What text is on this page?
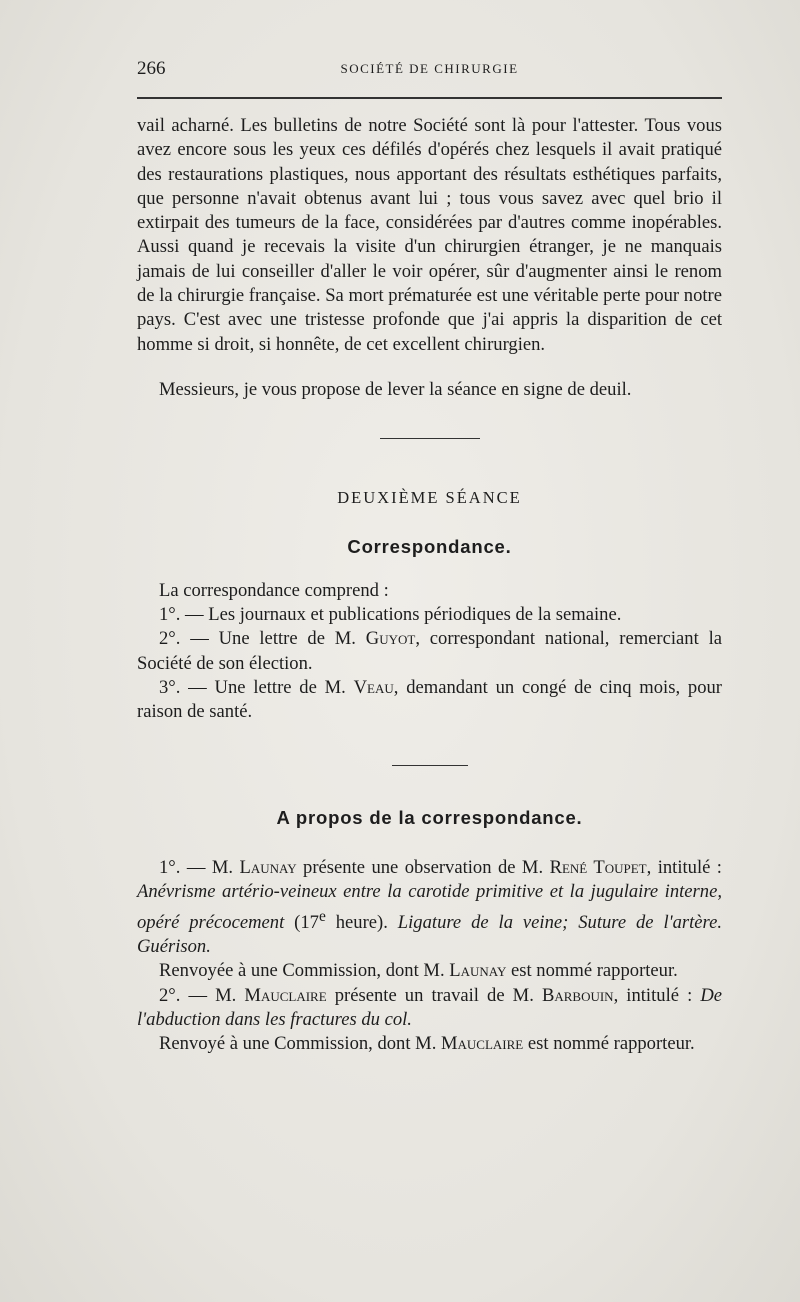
266	SOCIÉTÉ DE CHIRURGIE

vail acharné. Les bulletins de notre Société sont là pour l'attester. Tous vous avez encore sous les yeux ces défilés d'opérés chez lesquels il avait pratiqué des restaurations plastiques, nous apportant des résultats esthétiques parfaits, que personne n'avait obtenus avant lui ; tous vous savez avec quel brio il extirpait des tumeurs de la face, considérées par d'autres comme inopérables. Aussi quand je recevais la visite d'un chirurgien étranger, je ne manquais jamais de lui conseiller d'aller le voir opérer, sûr d'augmenter ainsi le renom de la chirurgie française. Sa mort prématurée est une véritable perte pour notre pays. C'est avec une tristesse profonde que j'ai appris la disparition de cet homme si droit, si honnête, de cet excellent chirurgien.

Messieurs, je vous propose de lever la séance en signe de deuil.

DEUXIÈME SÉANCE

Correspondance.

La correspondance comprend :

1°. — Les journaux et publications périodiques de la semaine.

2°. — Une lettre de M. Guyot, correspondant national, remerciant la Société de son élection.

3°. — Une lettre de M. Veau, demandant un congé de cinq mois, pour raison de santé.

A propos de la correspondance.

1°. — M. Launay présente une observation de M. René Toupet, intitulé : Anévrisme artério-veineux entre la carotide primitive et la jugulaire interne, opéré précocement (17e heure). Ligature de la veine; Suture de l'artère. Guérison.

Renvoyée à une Commission, dont M. Launay est nommé rapporteur.

2°. — M. Mauclaire présente un travail de M. Barbouin, intitulé : De l'abduction dans les fractures du col.

Renvoyé à une Commission, dont M. Mauclaire est nommé rapporteur.
